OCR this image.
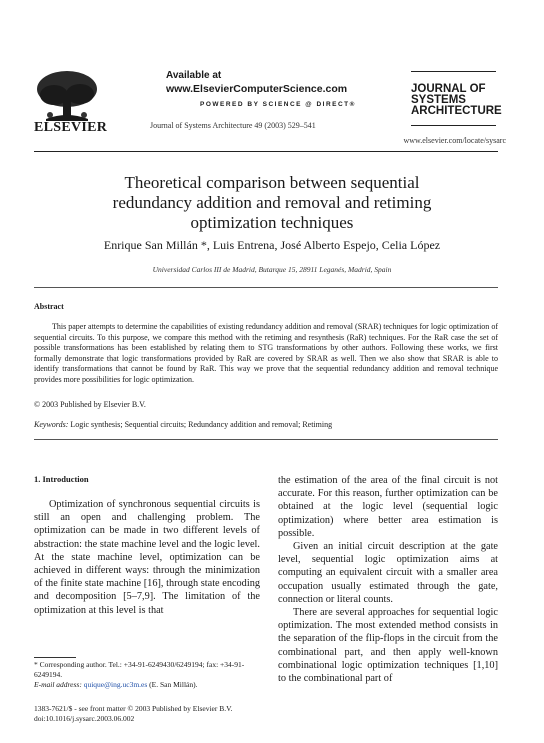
ELSEVIER
Available at
www.ElsevierComputerScience.com
POWERED BY SCIENCE @ DIRECT®
Journal of Systems Architecture 49 (2003) 529–541
JOURNAL OF
SYSTEMS
ARCHITECTURE
www.elsevier.com/locate/sysarc
Theoretical comparison between sequential
redundancy addition and removal and retiming
optimization techniques
Enrique San Millán *, Luis Entrena, José Alberto Espejo, Celia López
Universidad Carlos III de Madrid, Butarque 15, 28911 Leganés, Madrid, Spain
Abstract
This paper attempts to determine the capabilities of existing redundancy addition and removal (SRAR) techniques for logic optimization of sequential circuits. To this purpose, we compare this method with the retiming and resynthesis (RaR) techniques. For the RaR case the set of possible transformations has been established by relating them to STG transformations by other authors. Following these works, we first formally demonstrate that logic transformations provided by RaR are covered by SRAR as well. Then we also show that SRAR is able to identify transformations that cannot be found by RaR. This way we prove that the sequential redundancy addition and removal technique provides more possibilities for logic optimization.
© 2003 Published by Elsevier B.V.
Keywords: Logic synthesis; Sequential circuits; Redundancy addition and removal; Retiming
1. Introduction

Optimization of synchronous sequential circuits is still an open and challenging problem. The optimization can be made in two different levels of abstraction: the state machine level and the logic level. At the state machine level, optimization can be achieved in different ways: through the minimization of the finite state machine [16], through state encoding and decomposition [5–7,9]. The limitation of the optimization at this level is that

the estimation of the area of the final circuit is not accurate. For this reason, further optimization can be obtained at the logic level (sequential logic optimization) where better area estimation is possible.

Given an initial circuit description at the gate level, sequential logic optimization aims at computing an equivalent circuit with a smaller area occupation usually estimated through the gate, connection or literal counts.

There are several approaches for sequential logic optimization. The most extended method consists in the separation of the flip-flops in the circuit from the combinational part, and then apply well-known combinational logic optimization techniques [1,10] to the combinational part of

* Corresponding author. Tel.: +34-91-6249430/6249194; fax: +34-91-6249194.
E-mail address: quique@ing.uc3m.es (E. San Millán).
1383-7621/$ - see front matter © 2003 Published by Elsevier B.V.
doi:10.1016/j.sysarc.2003.06.002
